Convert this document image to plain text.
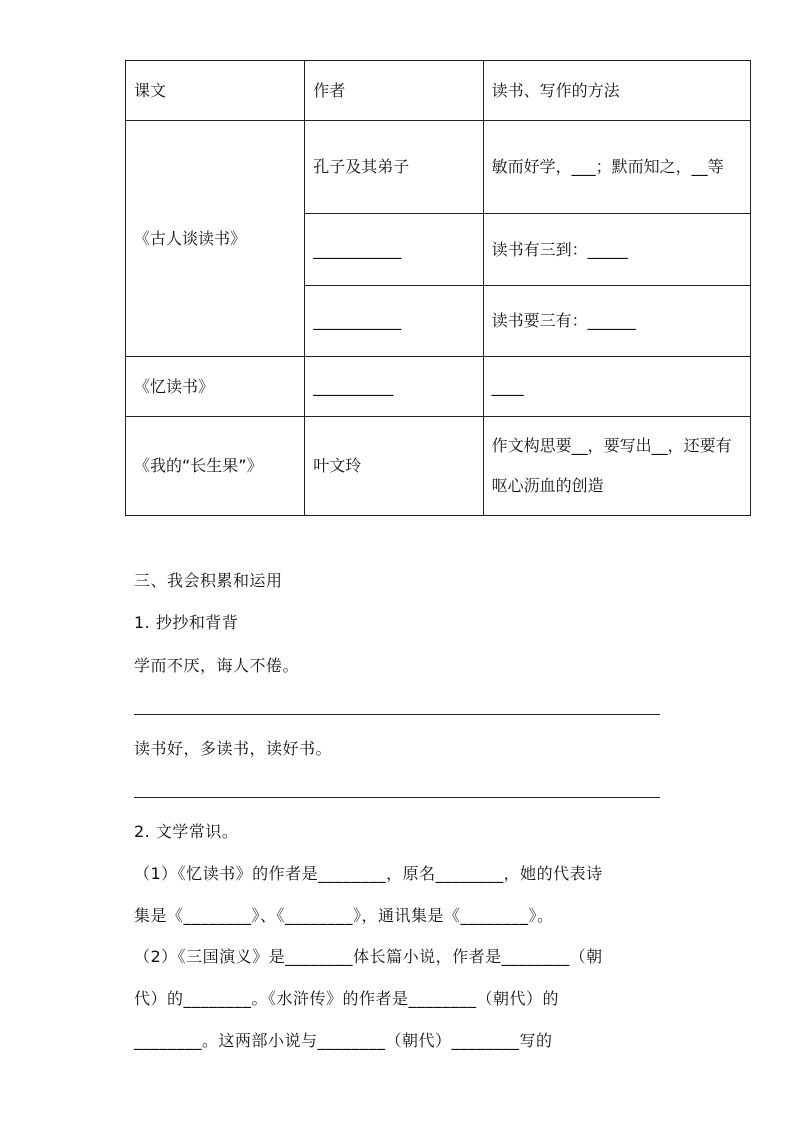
课文	作者	读书、写作的方法
《古人谈读书》	孔子及其弟子	敏而好学，___；默而知之，__等
	___________	读书有三到：_____
	___________	读书要三有：______
《忆读书》	__________	____
《我的“长生果”》	叶文玲	作文构思要__，要写出__，还要有呕心沥血的创造
三、我会积累和运用
1. 抄抄和背背
学而不厌，诲人不倦。
读书好，多读书，读好书。
2. 文学常识。
（1）《忆读书》的作者是________，原名________，她的代表诗
集是《________》、《________》，通讯集是《________》。
（2）《三国演义》是________体长篇小说，作者是________（朝
代）的________。《水浒传》的作者是________（朝代）的
________。这两部小说与________（朝代）________写的
